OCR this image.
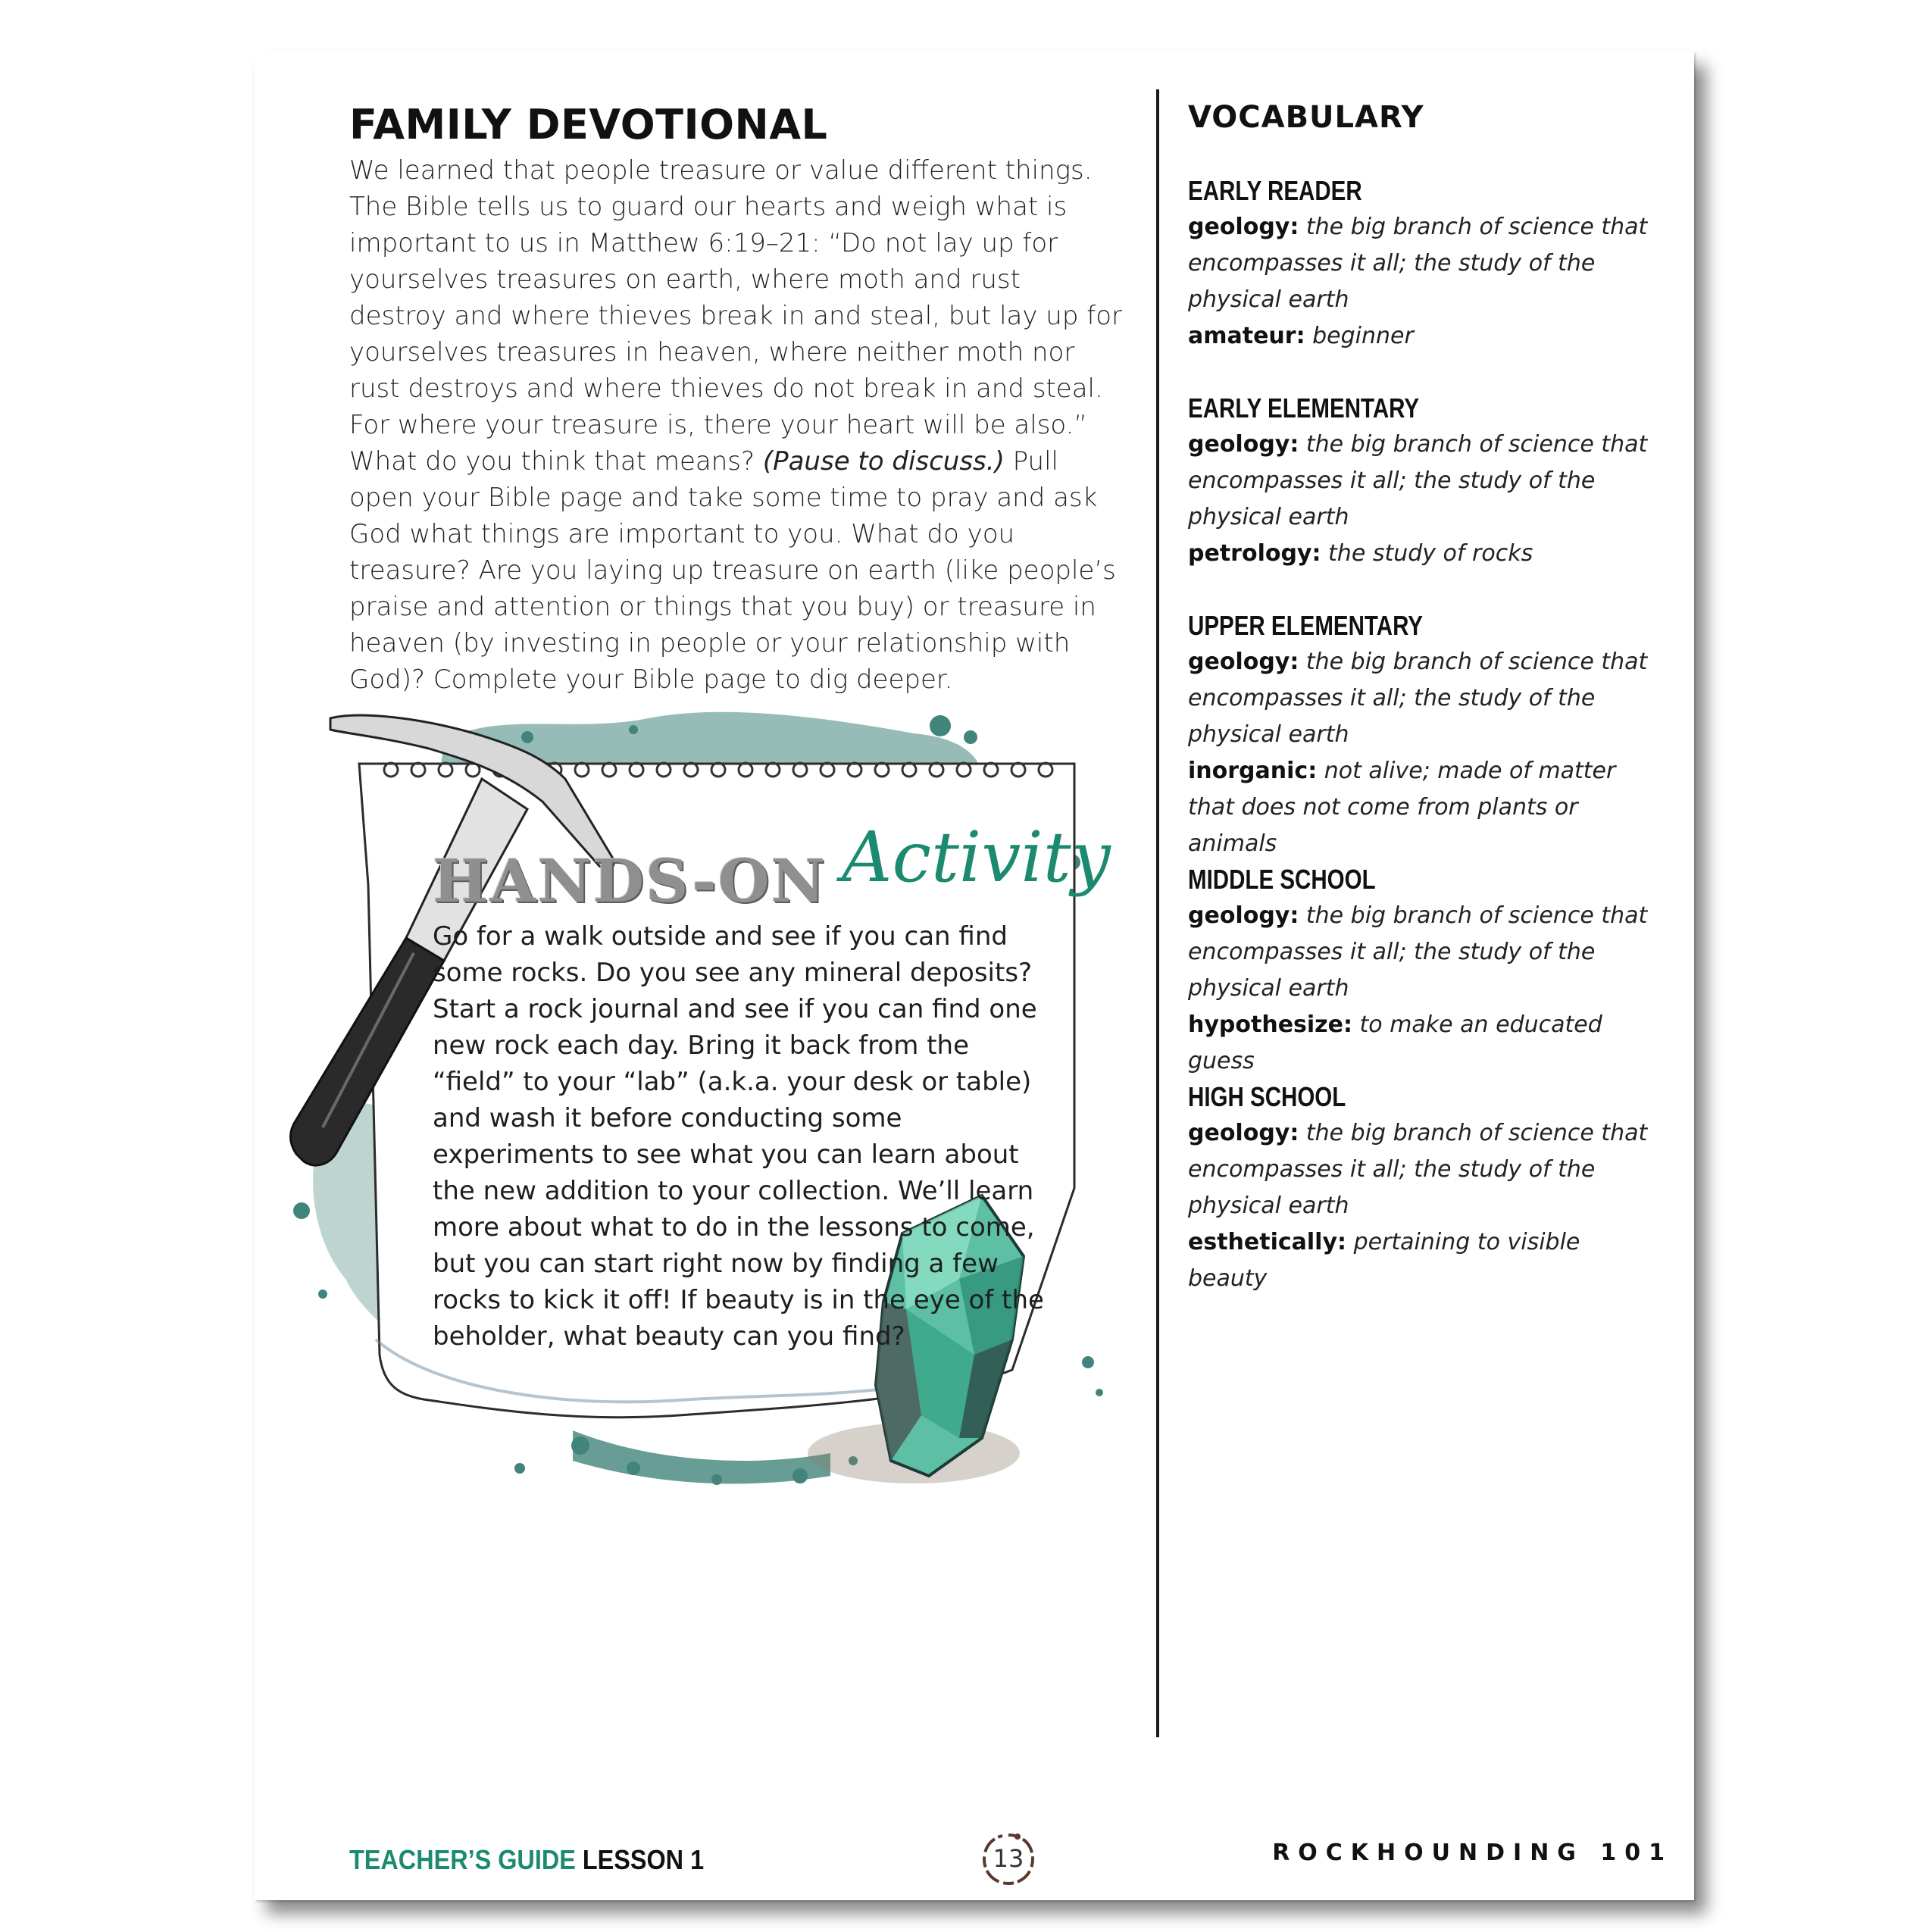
FAMILY DEVOTIONAL

We learned that people treasure or value different things. The Bible tells us to guard our hearts and weigh what is important to us in Matthew 6:19–21: “Do not lay up for yourselves treasures on earth, where moth and rust destroy and where thieves break in and steal, but lay up for yourselves treasures in heaven, where neither moth nor rust destroys and where thieves do not break in and steal. For where your treasure is, there your heart will be also.” What do you think that means? (Pause to discuss.) Pull open your Bible page and take some time to pray and ask God what things are important to you. What do you treasure? Are you laying up treasure on earth (like people’s praise and attention or things that you buy) or treasure in heaven (by investing in people or your relationship with God)? Complete your Bible page to dig deeper.

HANDS-ON Activity

Go for a walk outside and see if you can find some rocks. Do you see any mineral deposits? Start a rock journal and see if you can find one new rock each day. Bring it back from the “field” to your “lab” (a.k.a. your desk or table) and wash it before conducting some experiments to see what you can learn about the new addition to your collection. We’ll learn more about what to do in the lessons to come, but you can start right now by finding a few rocks to kick it off! If beauty is in the eye of the beholder, what beauty can you find?

VOCABULARY
EARLY READER
geology: the big branch of science that encompasses it all; the study of the physical earth
amateur: beginner
EARLY ELEMENTARY
geology: the big branch of science that encompasses it all; the study of the physical earth
petrology: the study of rocks
UPPER ELEMENTARY
geology: the big branch of science that encompasses it all; the study of the physical earth
inorganic: not alive; made of matter that does not come from plants or animals
MIDDLE SCHOOL
geology: the big branch of science that encompasses it all; the study of the physical earth
hypothesize: to make an educated guess
HIGH SCHOOL
geology: the big branch of science that encompasses it all; the study of the physical earth
esthetically: pertaining to visible beauty
TEACHER’S GUIDE LESSON 1	13	ROCKHOUNDING 101
